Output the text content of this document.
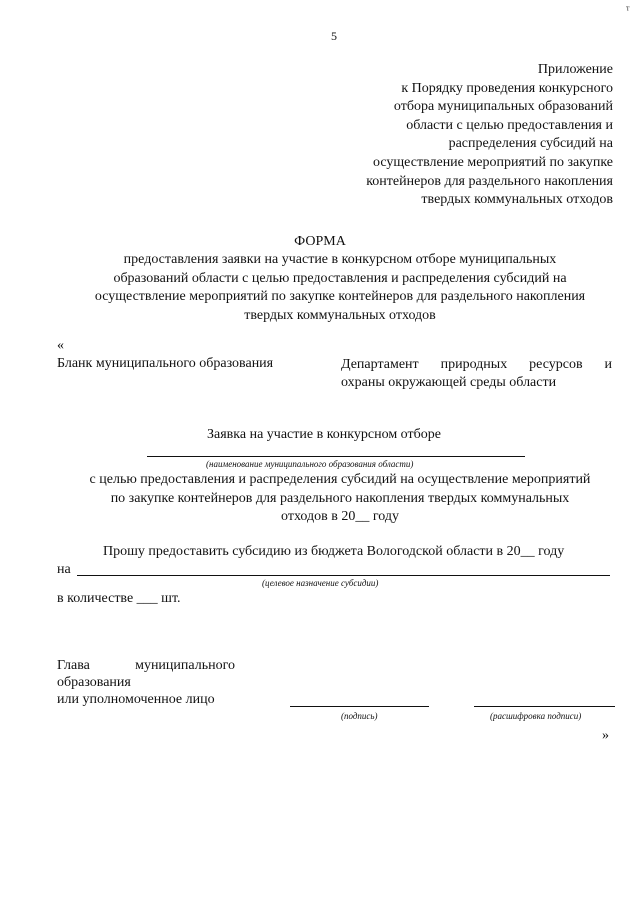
5
ᵀ
Приложение
к Порядку проведения конкурсного
отбора муниципальных образований
области с целью предоставления и
распределения субсидий на
осуществление мероприятий по закупке
контейнеров для раздельного накопления
твердых коммунальных отходов
ФОРМА
предоставления заявки на участие в конкурсном отборе муниципальных
образований области с целью предоставления и распределения субсидий на
осуществление мероприятий по закупке контейнеров для раздельного накопления
твердых коммунальных отходов
«
Бланк муниципального образования	Департамент природных ресурсов и
охраны окружающей среды области
Заявка на участие в конкурсном отборе
(наименование муниципального образования области)
с целью предоставления и распределения субсидий на осуществление мероприятий
по закупке контейнеров для раздельного накопления твердых коммунальных
отходов в 20__ году
Прошу предоставить субсидию из бюджета Вологодской области в 20__ году
на
(целевое назначение субсидии)
в количестве ___ шт.
Глава	муниципального
образования
или уполномоченное лицо
(подпись)	(расшифровка подписи)
»
